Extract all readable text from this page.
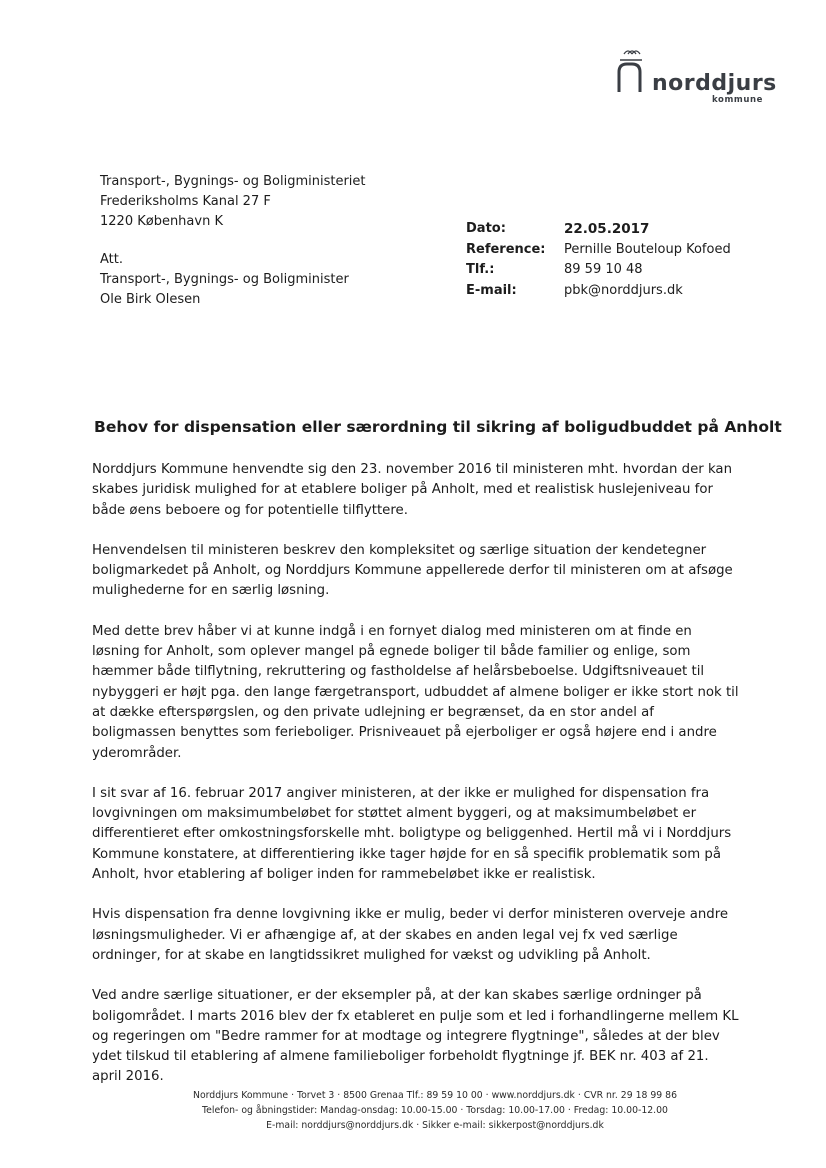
norddjurs
kommune
Transport-, Bygnings- og Boligministeriet
Frederiksholms Kanal 27 F
1220 København K
Att.
Transport-, Bygnings- og Boligminister
Ole Birk Olesen
Dato:	22.05.2017
Reference:	Pernille Bouteloup Kofoed
Tlf.:	89 59 10 48
E-mail:	pbk@norddjurs.dk
Behov for dispensation eller særordning til sikring af boligudbuddet på Anholt

Norddjurs Kommune henvendte sig den 23. november 2016 til ministeren mht. hvordan der kan skabes juridisk mulighed for at etablere boliger på Anholt, med et realistisk huslejeniveau for både øens beboere og for potentielle tilflyttere.

Henvendelsen til ministeren beskrev den kompleksitet og særlige situation der kendetegner boligmarkedet på Anholt, og Norddjurs Kommune appellerede derfor til ministeren om at afsøge mulighederne for en særlig løsning.

Med dette brev håber vi at kunne indgå i en fornyet dialog med ministeren om at finde en løsning for Anholt, som oplever mangel på egnede boliger til både familier og enlige, som hæmmer både tilflytning, rekruttering og fastholdelse af helårsbeboelse. Udgiftsniveauet til nybyggeri er højt pga. den lange færgetransport, udbuddet af almene boliger er ikke stort nok til at dække efterspørgslen, og den private udlejning er begrænset, da en stor andel af boligmassen benyttes som ferieboliger. Prisniveauet på ejerboliger er også højere end i andre yderområder.

I sit svar af 16. februar 2017 angiver ministeren, at der ikke er mulighed for dispensation fra lovgivningen om maksimumbeløbet for støttet alment byggeri, og at maksimumbeløbet er differentieret efter omkostningsforskelle mht. boligtype og beliggenhed. Hertil må vi i Norddjurs Kommune konstatere, at differentiering ikke tager højde for en så specifik problematik som på Anholt, hvor etablering af boliger inden for rammebeløbet ikke er realistisk.

Hvis dispensation fra denne lovgivning ikke er mulig, beder vi derfor ministeren overveje andre løsningsmuligheder. Vi er afhængige af, at der skabes en anden legal vej fx ved særlige ordninger, for at skabe en langtidssikret mulighed for vækst og udvikling på Anholt.

Ved andre særlige situationer, er der eksempler på, at der kan skabes særlige ordninger på boligområdet. I marts 2016 blev der fx etableret en pulje som et led i forhandlingerne mellem KL og regeringen om "Bedre rammer for at modtage og integrere flygtninge", således at der blev ydet tilskud til etablering af almene familieboliger forbeholdt flygtninge jf. BEK nr. 403 af 21. april 2016.

Norddjurs Kommune · Torvet 3 · 8500 Grenaa Tlf.: 89 59 10 00 · www.norddjurs.dk · CVR nr. 29 18 99 86
Telefon- og åbningstider: Mandag-onsdag: 10.00-15.00 · Torsdag: 10.00-17.00 · Fredag: 10.00-12.00
E-mail: norddjurs@norddjurs.dk · Sikker e-mail: sikkerpost@norddjurs.dk
